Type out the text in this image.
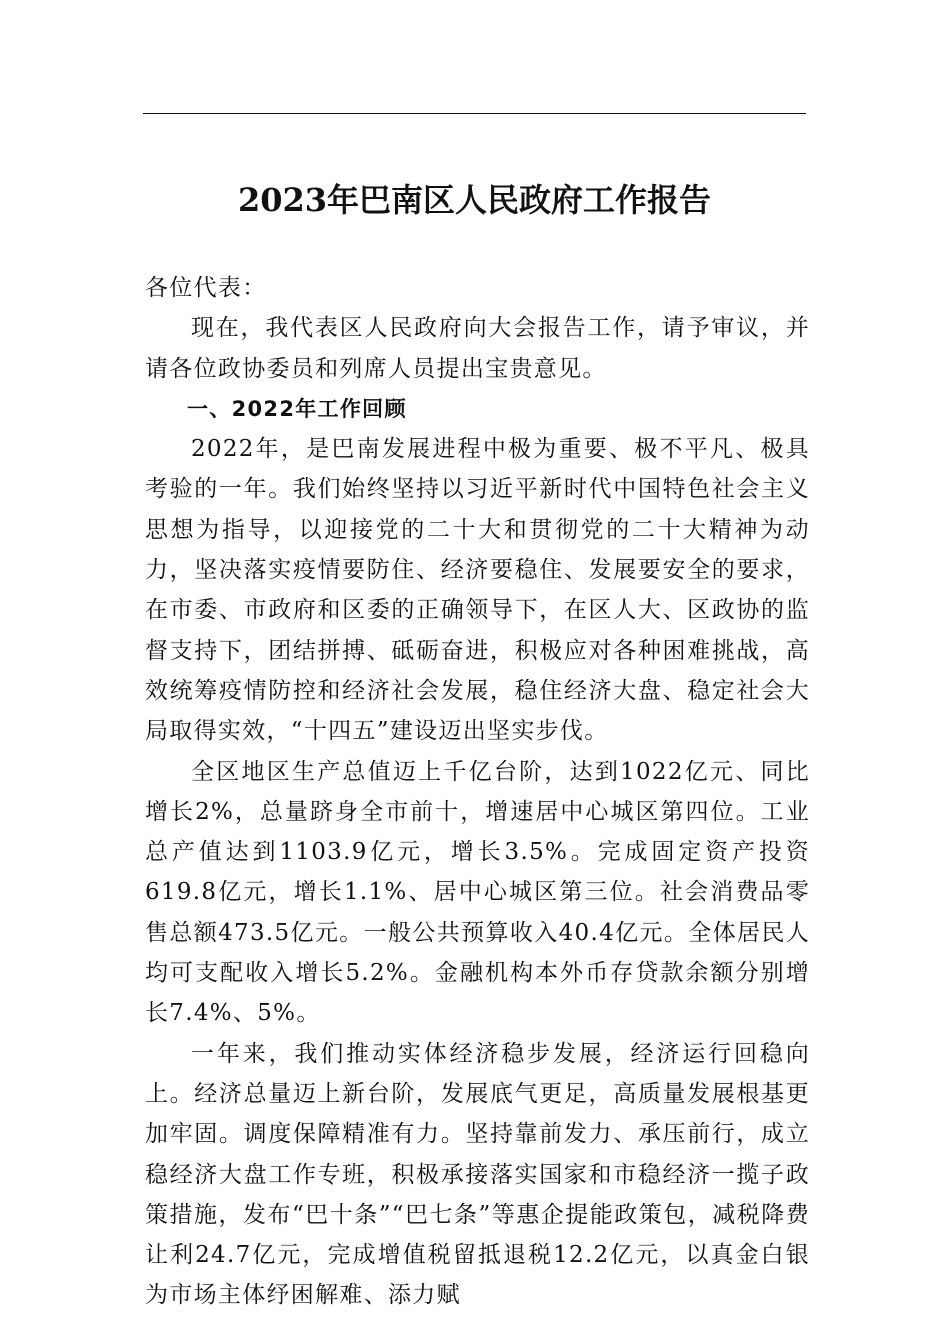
2023年巴南区人民政府工作报告

各位代表：

现在，我代表区人民政府向大会报告工作，请予审议，并请各位政协委员和列席人员提出宝贵意见。

一、2022年工作回顾

2022年，是巴南发展进程中极为重要、极不平凡、极具考验的一年。我们始终坚持以习近平新时代中国特色社会主义思想为指导，以迎接党的二十大和贯彻党的二十大精神为动力，坚决落实疫情要防住、经济要稳住、发展要安全的要求，在市委、市政府和区委的正确领导下，在区人大、区政协的监督支持下，团结拼搏、砥砺奋进，积极应对各种困难挑战，高效统筹疫情防控和经济社会发展，稳住经济大盘、稳定社会大局取得实效，“十四五”建设迈出坚实步伐。

全区地区生产总值迈上千亿台阶，达到1022亿元、同比增长2%，总量跻身全市前十，增速居中心城区第四位。工业总产值达到1103.9亿元，增长3.5%。完成固定资产投资619.8亿元，增长1.1%、居中心城区第三位。社会消费品零售总额473.5亿元。一般公共预算收入40.4亿元。全体居民人均可支配收入增长5.2%。金融机构本外币存贷款余额分别增长7.4%、5%。

一年来，我们推动实体经济稳步发展，经济运行回稳向上。经济总量迈上新台阶，发展底气更足，高质量发展根基更加牢固。调度保障精准有力。坚持靠前发力、承压前行，成立稳经济大盘工作专班，积极承接落实国家和市稳经济一揽子政策措施，发布“巴十条”“巴七条”等惠企提能政策包，减税降费让利24.7亿元，完成增值税留抵退税12.2亿元，以真金白银为市场主体纾困解难、添力赋
